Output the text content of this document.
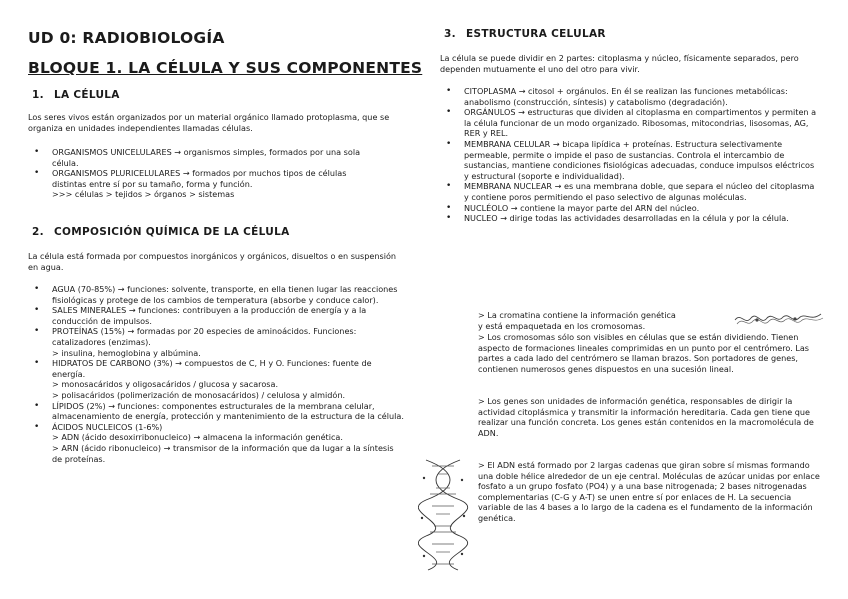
UD 0: RADIOBIOLOGÍA
BLOQUE 1. LA CÉLULA Y SUS COMPONENTES
1. LA CÉLULA
Los seres vivos están organizados por un material orgánico llamado protoplasma, que se organiza en unidades independientes llamadas células.
• ORGANISMOS UNICELULARES → organismos simples, formados por una sola célula.
• ORGANISMOS PLURICELULARES → formados por muchos tipos de células distintas entre sí por su tamaño, forma y función.
>>> células > tejidos > órganos > sistemas
2. COMPOSICIÓN QUÍMICA DE LA CÉLULA
La célula está formada por compuestos inorgánicos y orgánicos, disueltos o en suspensión en agua.
• AGUA (70-85%) → funciones: solvente, transporte, en ella tienen lugar las reacciones fisiológicas y protege de los cambios de temperatura (absorbe y conduce calor).
• SALES MINERALES → funciones: contribuyen a la producción de energía y a la conducción de impulsos.
• PROTEÍNAS (15%) → formadas por 20 especies de aminoácidos. Funciones: catalizadores (enzimas).
> insulina, hemoglobina y albúmina.
• HIDRATOS DE CARBONO (3%) → compuestos de C, H y O. Funciones: fuente de energía.
> monosacáridos y oligosacáridos / glucosa y sacarosa.
> polisacáridos (polimerización de monosacáridos) / celulosa y almidón.
• LÍPIDOS (2%) → funciones: componentes estructurales de la membrana celular, almacenamiento de energía, protección y mantenimiento de la estructura de la célula.
• ÁCIDOS NUCLEICOS (1-6%)
> ADN (ácido desoxirribonucleico) → almacena la información genética.
> ARN (ácido ribonucleico) → transmisor de la información que da lugar a la síntesis de proteínas.
3. ESTRUCTURA CELULAR
La célula se puede dividir en 2 partes: citoplasma y núcleo, físicamente separados, pero dependen mutuamente el uno del otro para vivir.
• CITOPLASMA → citosol + orgánulos. En él se realizan las funciones metabólicas: anabolismo (construcción, síntesis) y catabolismo (degradación).
• ORGÁNULOS → estructuras que dividen al citoplasma en compartimentos y permiten a la célula funcionar de un modo organizado. Ribosomas, mitocondrias, lisosomas, AG, RER y REL.
• MEMBRANA CELULAR → bicapa lipídica + proteínas. Estructura selectivamente permeable, permite o impide el paso de sustancias. Controla el intercambio de sustancias, mantiene condiciones fisiológicas adecuadas, conduce impulsos eléctricos y estructural (soporte e individualidad).
• MEMBRANA NUCLEAR → es una membrana doble, que separa el núcleo del citoplasma y contiene poros permitiendo el paso selectivo de algunas moléculas.
• NUCLÉOLO → contiene la mayor parte del ARN del núcleo.
• NUCLEO → dirige todas las actividades desarrolladas en la célula y por la célula.
> La cromatina contiene la información genética
y está empaquetada en los cromosomas.
> Los cromosomas sólo son visibles en células que se están dividiendo. Tienen aspecto de formaciones lineales comprimidas en un punto por el centrómero. Las partes a cada lado del centrómero se llaman brazos. Son portadores de genes, contienen numerosos genes dispuestos en una sucesión lineal.
> Los genes son unidades de información genética, responsables de dirigir la actividad citoplásmica y transmitir la información hereditaria. Cada gen tiene que realizar una función concreta. Los genes están contenidos en la macromolécula de ADN.
> El ADN está formado por 2 largas cadenas que giran sobre sí mismas formando una doble hélice alrededor de un eje central. Moléculas de azúcar unidas por enlace fosfato a un grupo fosfato (PO4) y a una base nitrogenada; 2 bases nitrogenadas complementarias (C-G y A-T) se unen entre sí por enlaces de H. La secuencia variable de las 4 bases a lo largo de la cadena es el fundamento de la información genética.
